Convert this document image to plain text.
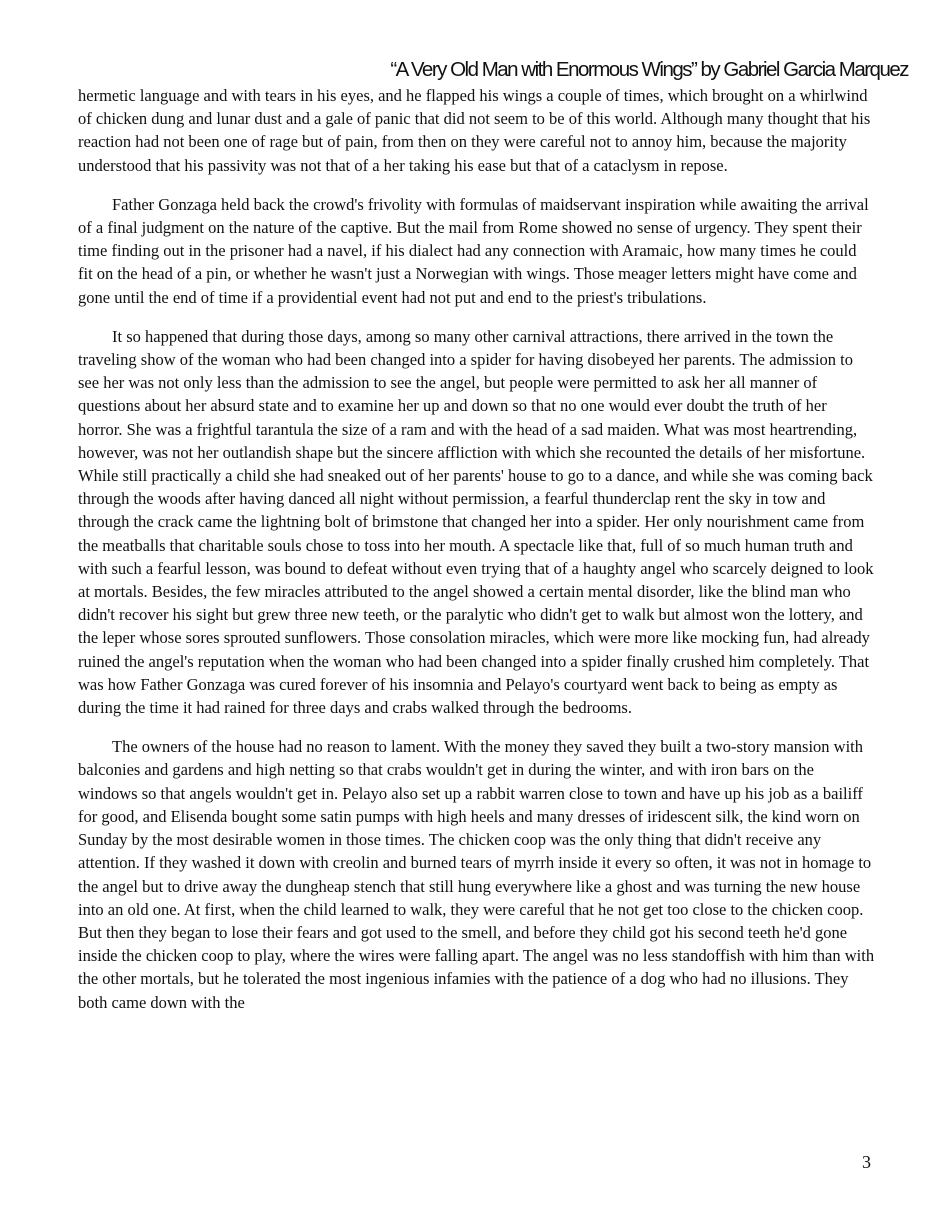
“A Very Old Man with Enormous Wings” by Gabriel Garcia Marquez

hermetic language and with tears in his eyes, and he flapped his wings a couple of times, which brought on a whirlwind of chicken dung and lunar dust and a gale of panic that did not seem to be of this world. Although many thought that his reaction had not been one of rage but of pain, from then on they were careful not to annoy him, because the majority understood that his passivity was not that of a her taking his ease but that of a cataclysm in repose.

Father Gonzaga held back the crowd's frivolity with formulas of maidservant inspiration while awaiting the arrival of a final judgment on the nature of the captive. But the mail from Rome showed no sense of urgency. They spent their time finding out in the prisoner had a navel, if his dialect had any connection with Aramaic, how many times he could fit on the head of a pin, or whether he wasn't just a Norwegian with wings. Those meager letters might have come and gone until the end of time if a providential event had not put and end to the priest's tribulations.

It so happened that during those days, among so many other carnival attractions, there arrived in the town the traveling show of the woman who had been changed into a spider for having disobeyed her parents. The admission to see her was not only less than the admission to see the angel, but people were permitted to ask her all manner of questions about her absurd state and to examine her up and down so that no one would ever doubt the truth of her horror. She was a frightful tarantula the size of a ram and with the head of a sad maiden. What was most heartrending, however, was not her outlandish shape but the sincere affliction with which she recounted the details of her misfortune. While still practically a child she had sneaked out of her parents' house to go to a dance, and while she was coming back through the woods after having danced all night without permission, a fearful thunderclap rent the sky in tow and through the crack came the lightning bolt of brimstone that changed her into a spider. Her only nourishment came from the meatballs that charitable souls chose to toss into her mouth. A spectacle like that, full of so much human truth and with such a fearful lesson, was bound to defeat without even trying that of a haughty angel who scarcely deigned to look at mortals. Besides, the few miracles attributed to the angel showed a certain mental disorder, like the blind man who didn't recover his sight but grew three new teeth, or the paralytic who didn't get to walk but almost won the lottery, and the leper whose sores sprouted sunflowers. Those consolation miracles, which were more like mocking fun, had already ruined the angel's reputation when the woman who had been changed into a spider finally crushed him completely. That was how Father Gonzaga was cured forever of his insomnia and Pelayo's courtyard went back to being as empty as during the time it had rained for three days and crabs walked through the bedrooms.

The owners of the house had no reason to lament. With the money they saved they built a two-story mansion with balconies and gardens and high netting so that crabs wouldn't get in during the winter, and with iron bars on the windows so that angels wouldn't get in. Pelayo also set up a rabbit warren close to town and have up his job as a bailiff for good, and Elisenda bought some satin pumps with high heels and many dresses of iridescent silk, the kind worn on Sunday by the most desirable women in those times. The chicken coop was the only thing that didn't receive any attention. If they washed it down with creolin and burned tears of myrrh inside it every so often, it was not in homage to the angel but to drive away the dungheap stench that still hung everywhere like a ghost and was turning the new house into an old one. At first, when the child learned to walk, they were careful that he not get too close to the chicken coop. But then they began to lose their fears and got used to the smell, and before they child got his second teeth he'd gone inside the chicken coop to play, where the wires were falling apart. The angel was no less standoffish with him than with the other mortals, but he tolerated the most ingenious infamies with the patience of a dog who had no illusions. They both came down with the

3
